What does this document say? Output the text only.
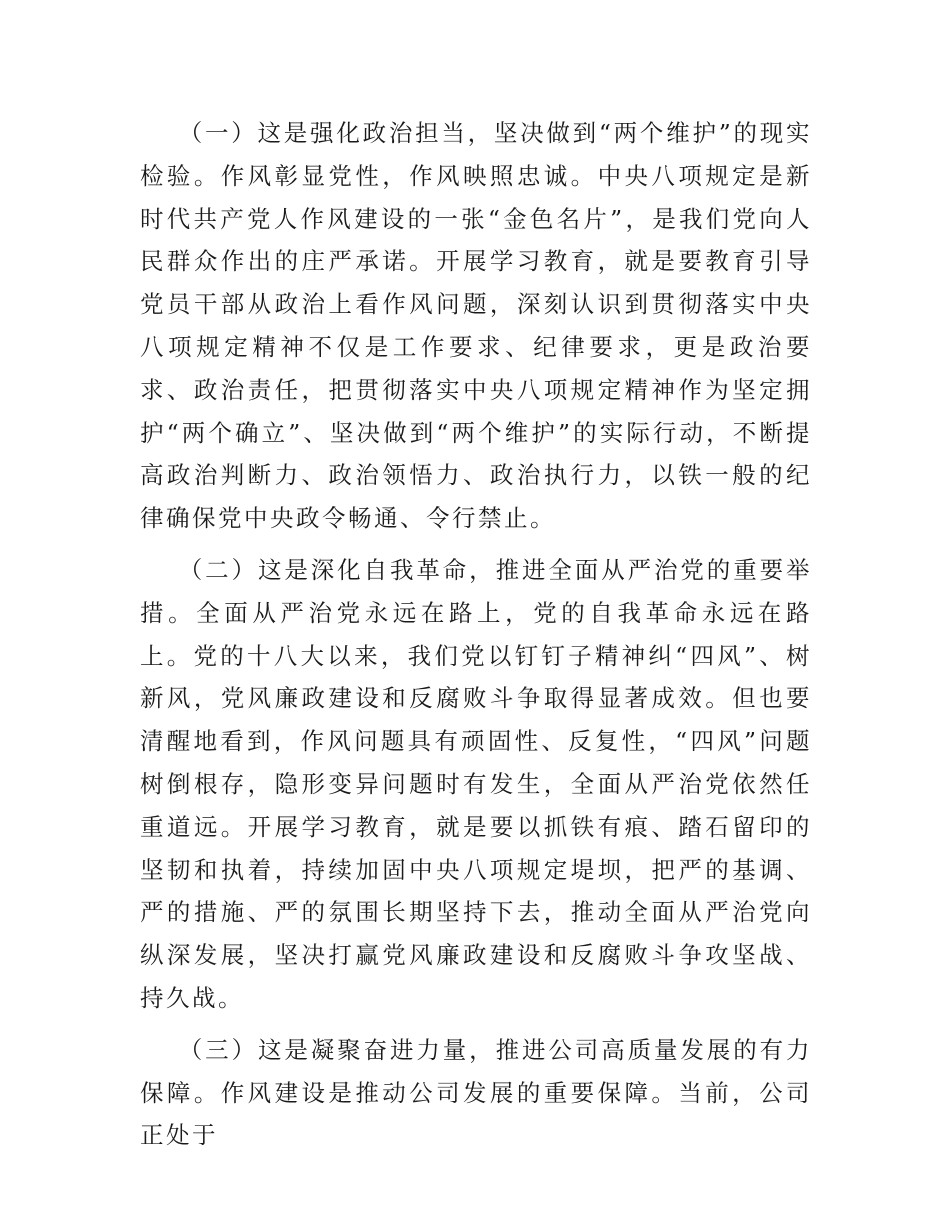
（一）这是强化政治担当，坚决做到“两个维护”的现实检验。作风彰显党性，作风映照忠诚。中央八项规定是新时代共产党人作风建设的一张“金色名片”，是我们党向人民群众作出的庄严承诺。开展学习教育，就是要教育引导党员干部从政治上看作风问题，深刻认识到贯彻落实中央八项规定精神不仅是工作要求、纪律要求，更是政治要求、政治责任，把贯彻落实中央八项规定精神作为坚定拥护“两个确立”、坚决做到“两个维护”的实际行动，不断提高政治判断力、政治领悟力、政治执行力，以铁一般的纪律确保党中央政令畅通、令行禁止。

（二）这是深化自我革命，推进全面从严治党的重要举措。全面从严治党永远在路上，党的自我革命永远在路上。党的十八大以来，我们党以钉钉子精神纠“四风”、树新风，党风廉政建设和反腐败斗争取得显著成效。但也要清醒地看到，作风问题具有顽固性、反复性，“四风”问题树倒根存，隐形变异问题时有发生，全面从严治党依然任重道远。开展学习教育，就是要以抓铁有痕、踏石留印的坚韧和执着，持续加固中央八项规定堤坝，把严的基调、严的措施、严的氛围长期坚持下去，推动全面从严治党向纵深发展，坚决打赢党风廉政建设和反腐败斗争攻坚战、持久战。

（三）这是凝聚奋进力量，推进公司高质量发展的有力保障。作风建设是推动公司发展的重要保障。当前，公司正处于
